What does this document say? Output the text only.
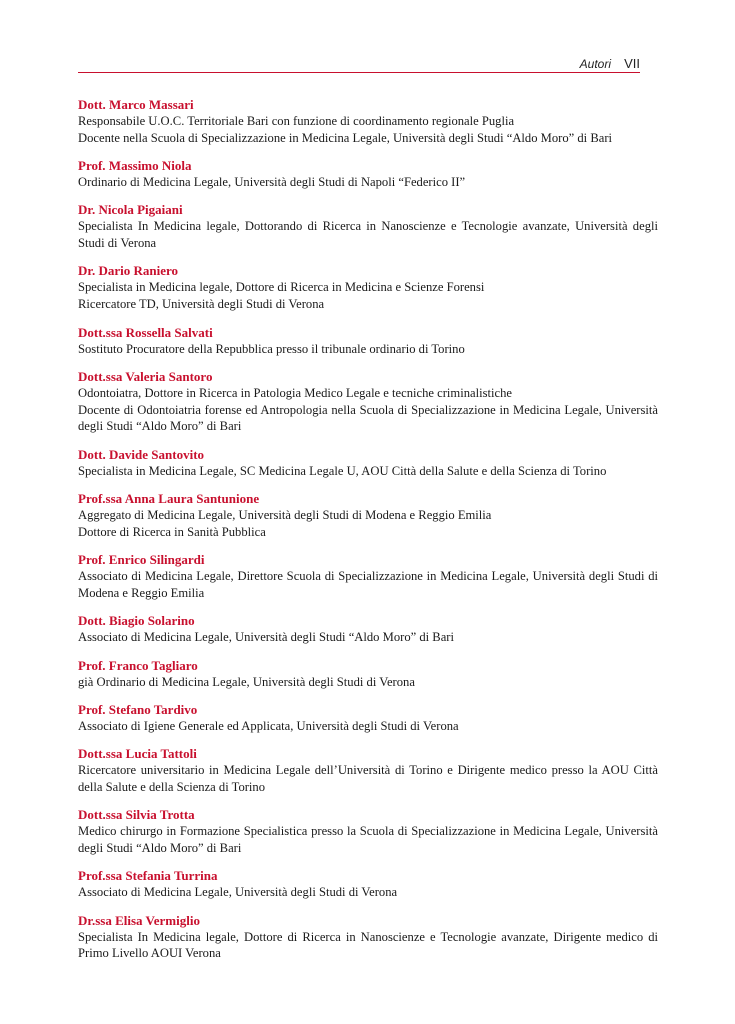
Autori VII
Dott. Marco Massari
Responsabile U.O.C. Territoriale Bari con funzione di coordinamento regionale Puglia
Docente nella Scuola di Specializzazione in Medicina Legale, Università degli Studi “Aldo Moro” di Bari
Prof. Massimo Niola
Ordinario di Medicina Legale, Università degli Studi di Napoli “Federico II”
Dr. Nicola Pigaiani
Specialista In Medicina legale, Dottorando di Ricerca in Nanoscienze e Tecnologie avanzate, Università degli Studi di Verona
Dr. Dario Raniero
Specialista in Medicina legale, Dottore di Ricerca in Medicina e Scienze Forensi
Ricercatore TD, Università degli Studi di Verona
Dott.ssa Rossella Salvati
Sostituto Procuratore della Repubblica presso il tribunale ordinario di Torino
Dott.ssa Valeria Santoro
Odontoiatra, Dottore in Ricerca in Patologia Medico Legale e tecniche criminalistiche
Docente di Odontoiatria forense ed Antropologia nella Scuola di Specializzazione in Medicina Legale, Università degli Studi “Aldo Moro” di Bari
Dott. Davide Santovito
Specialista in Medicina Legale, SC Medicina Legale U, AOU Città della Salute e della Scienza di Torino
Prof.ssa Anna Laura Santunione
Aggregato di Medicina Legale, Università degli Studi di Modena e Reggio Emilia
Dottore di Ricerca in Sanità Pubblica
Prof. Enrico Silingardi
Associato di Medicina Legale, Direttore Scuola di Specializzazione in Medicina Legale, Università degli Studi di Modena e Reggio Emilia
Dott. Biagio Solarino
Associato di Medicina Legale, Università degli Studi “Aldo Moro” di Bari
Prof. Franco Tagliaro
già Ordinario di Medicina Legale, Università degli Studi di Verona
Prof. Stefano Tardivo
Associato di Igiene Generale ed Applicata, Università degli Studi di Verona
Dott.ssa Lucia Tattoli
Ricercatore universitario in Medicina Legale dell’Università di Torino e Dirigente medico presso la AOU Città della Salute e della Scienza di Torino
Dott.ssa Silvia Trotta
Medico chirurgo in Formazione Specialistica presso la Scuola di Specializzazione in Medicina Legale, Università degli Studi “Aldo Moro” di Bari
Prof.ssa Stefania Turrina
Associato di Medicina Legale, Università degli Studi di Verona
Dr.ssa Elisa Vermiglio
Specialista In Medicina legale, Dottore di Ricerca in Nanoscienze e Tecnologie avanzate, Dirigente medico di Primo Livello AOUI Verona
